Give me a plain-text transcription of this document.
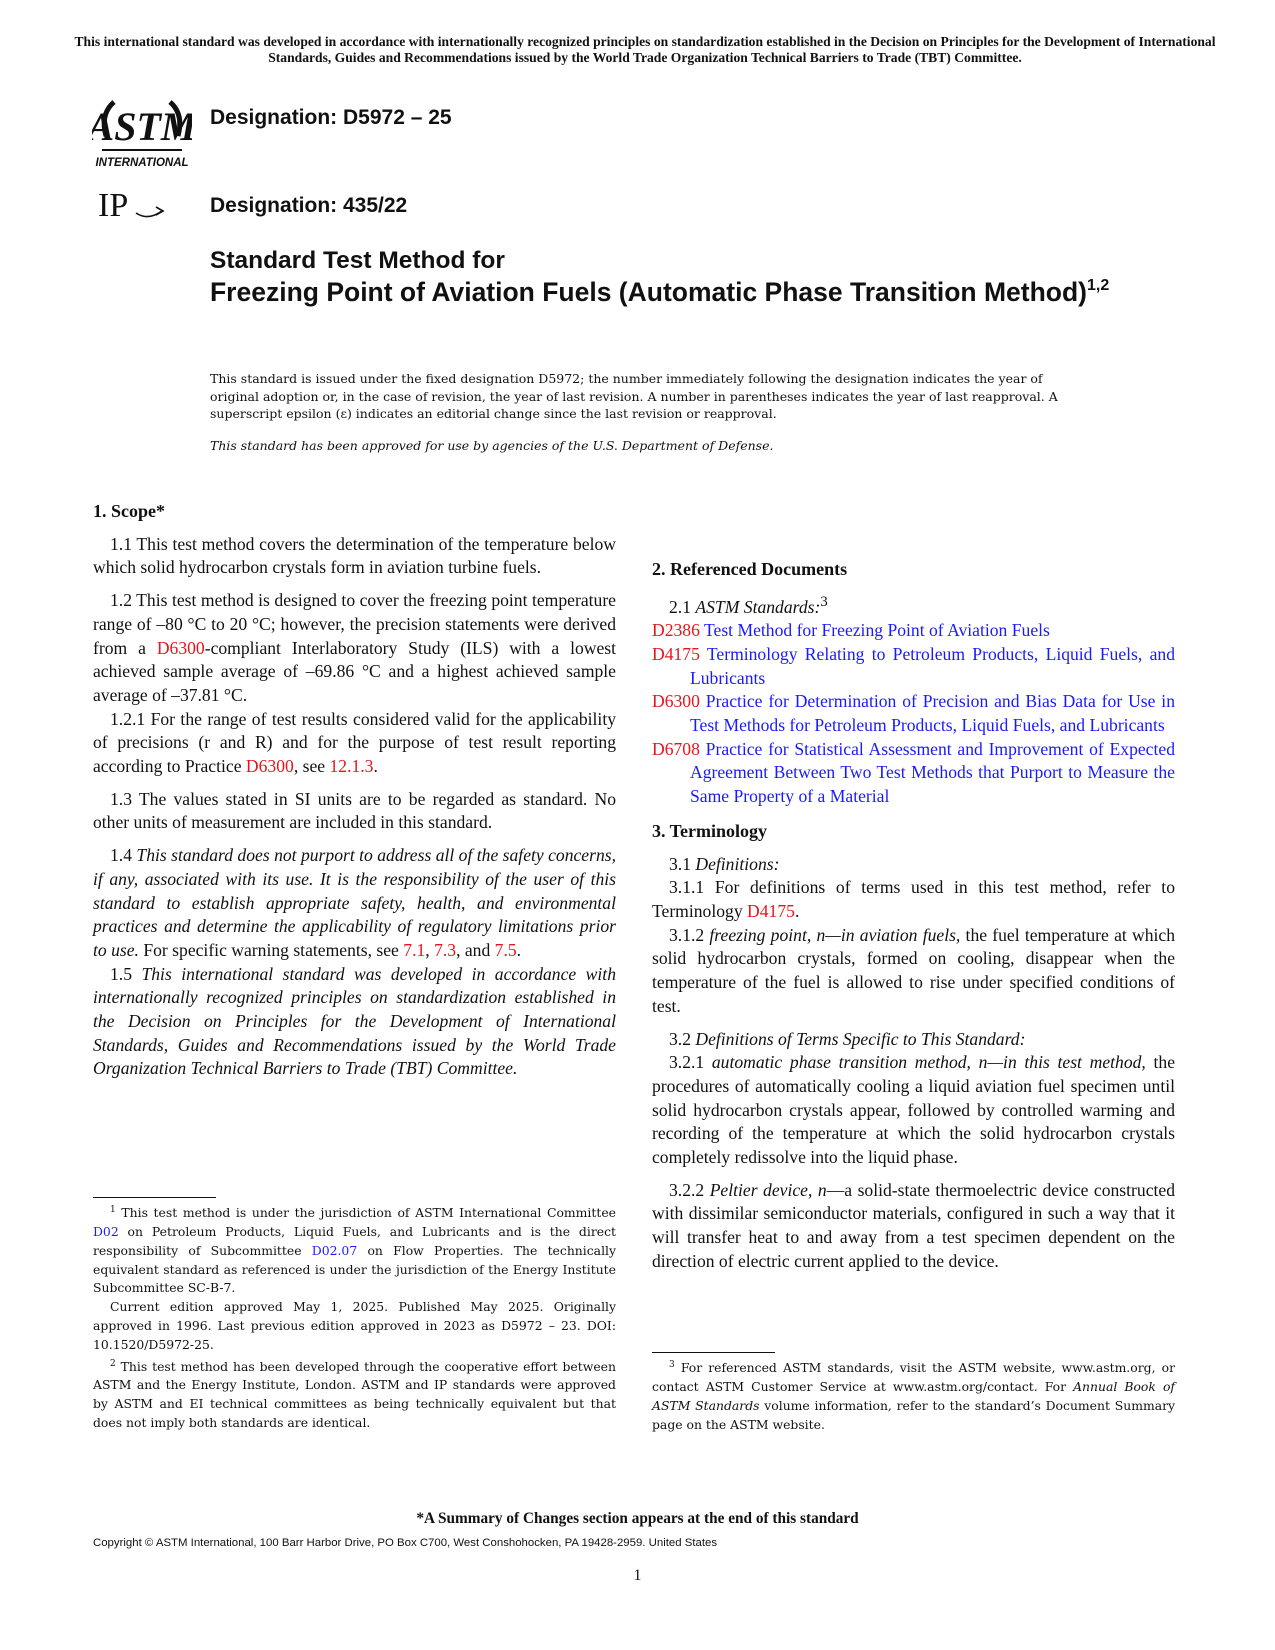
This international standard was developed in accordance with internationally recognized principles on standardization established in the Decision on Principles for the Development of International Standards, Guides and Recommendations issued by the World Trade Organization Technical Barriers to Trade (TBT) Committee.
ASTM
INTERNATIONAL
IP
Designation: D5972 – 25
Designation: 435/22
Standard Test Method for
Freezing Point of Aviation Fuels (Automatic Phase Transition Method)$^{1,2}$
This standard is issued under the fixed designation D5972; the number immediately following the designation indicates the year of original adoption or, in the case of revision, the year of last revision. A number in parentheses indicates the year of last reapproval. A superscript epsilon (ε) indicates an editorial change since the last revision or reapproval.
This standard has been approved for use by agencies of the U.S. Department of Defense.
1. Scope*

1.1 This test method covers the determination of the temperature below which solid hydrocarbon crystals form in aviation turbine fuels.

1.2 This test method is designed to cover the freezing point temperature range of –80 °C to 20 °C; however, the precision statements were derived from a D6300-compliant Interlaboratory Study (ILS) with a lowest achieved sample average of –69.86 °C and a highest achieved sample average of –37.81 °C.

1.2.1 For the range of test results considered valid for the applicability of precisions (r and R) and for the purpose of test result reporting according to Practice D6300, see 12.1.3.

1.3 The values stated in SI units are to be regarded as standard. No other units of measurement are included in this standard.

1.4 This standard does not purport to address all of the safety concerns, if any, associated with its use. It is the responsibility of the user of this standard to establish appropriate safety, health, and environmental practices and determine the applicability of regulatory limitations prior to use. For specific warning statements, see 7.1, 7.3, and 7.5.

1.5 This international standard was developed in accordance with internationally recognized principles on standardization established in the Decision on Principles for the Development of International Standards, Guides and Recommendations issued by the World Trade Organization Technical Barriers to Trade (TBT) Committee.

2. Referenced Documents

2.1 ASTM Standards:$^3$

D2386 Test Method for Freezing Point of Aviation Fuels

D4175 Terminology Relating to Petroleum Products, Liquid Fuels, and Lubricants

D6300 Practice for Determination of Precision and Bias Data for Use in Test Methods for Petroleum Products, Liquid Fuels, and Lubricants

D6708 Practice for Statistical Assessment and Improvement of Expected Agreement Between Two Test Methods that Purport to Measure the Same Property of a Material

3. Terminology

3.1 Definitions:

3.1.1 For definitions of terms used in this test method, refer to Terminology D4175.

3.1.2 freezing point, n—in aviation fuels, the fuel temperature at which solid hydrocarbon crystals, formed on cooling, disappear when the temperature of the fuel is allowed to rise under specified conditions of test.

3.2 Definitions of Terms Specific to This Standard:

3.2.1 automatic phase transition method, n—in this test method, the procedures of automatically cooling a liquid aviation fuel specimen until solid hydrocarbon crystals appear, followed by controlled warming and recording of the temperature at which the solid hydrocarbon crystals completely redissolve into the liquid phase.

3.2.2 Peltier device, n—a solid-state thermoelectric device constructed with dissimilar semiconductor materials, configured in such a way that it will transfer heat to and away from a test specimen dependent on the direction of electric current applied to the device.

$^1$ This test method is under the jurisdiction of ASTM International Committee D02 on Petroleum Products, Liquid Fuels, and Lubricants and is the direct responsibility of Subcommittee D02.07 on Flow Properties. The technically equivalent standard as referenced is under the jurisdiction of the Energy Institute Subcommittee SC-B-7.

Current edition approved May 1, 2025. Published May 2025. Originally approved in 1996. Last previous edition approved in 2023 as D5972 – 23. DOI: 10.1520/D5972-25.

$^2$ This test method has been developed through the cooperative effort between ASTM and the Energy Institute, London. ASTM and IP standards were approved by ASTM and EI technical committees as being technically equivalent but that does not imply both standards are identical.

$^3$ For referenced ASTM standards, visit the ASTM website, www.astm.org, or contact ASTM Customer Service at www.astm.org/contact. For Annual Book of ASTM Standards volume information, refer to the standard’s Document Summary page on the ASTM website.

*A Summary of Changes section appears at the end of this standard
Copyright © ASTM International, 100 Barr Harbor Drive, PO Box C700, West Conshohocken, PA 19428-2959. United States
1
